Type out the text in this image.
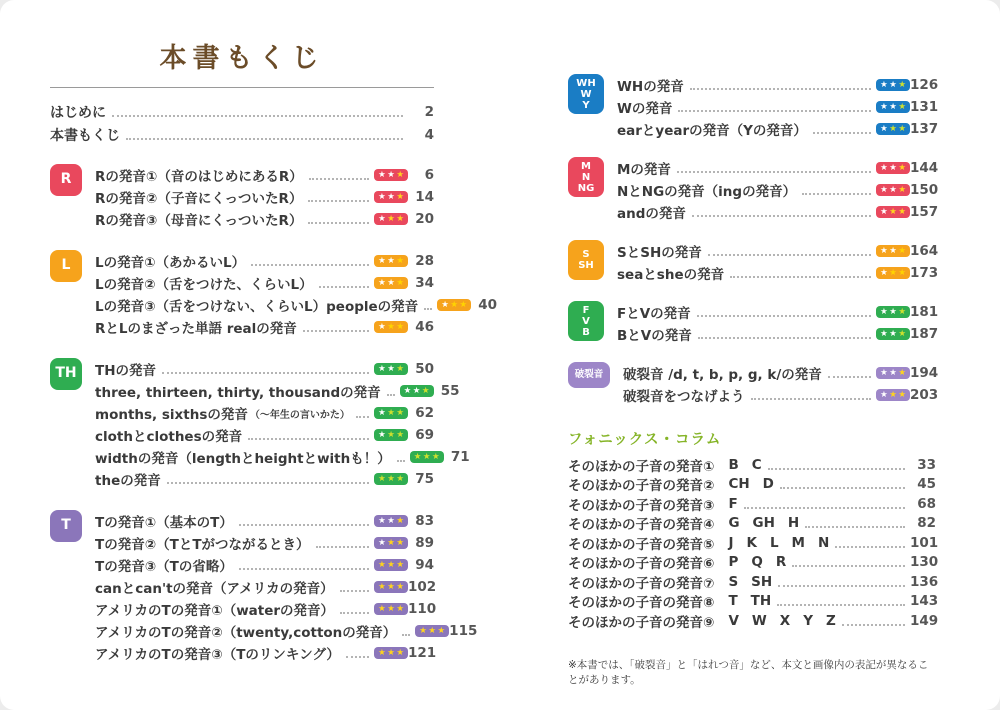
本書もくじ
はじめに	2
本書もくじ	4
R Rの発音①（音のはじめにあるR）	★ ★ ★	6
Rの発音②（子音にくっついたR）	★ ★ ★ 14
Rの発音③（母音にくっついたR）	★ ★ ★ 20
L Lの発音①（あかるいL）	★ ★ ★ 28
Lの発音②（舌をつけた、くらいL）	★ ★ ★ 34
Lの発音③（舌をつけない、くらいL）peopleの発音	★ ★ ★ 40
RとLのまざった単語 realの発音	★ ★ ★ 46
TH THの発音	★ ★ ★ 50
three, thirteen, thirty, thousandの発音	★ ★ ★ 55
months, sixthsの発音 （～年生の言いかた）	★ ★ ★ 62
clothとclothesの発音	★ ★ ★ 69
widthの発音（lengthとheightとwithも！）	★ ★ ★ 71
theの発音	★ ★ ★ 75
T Tの発音①（基本のT）	★ ★ ★ 83
Tの発音②（TとTがつながるとき）	★ ★ ★ 89
Tの発音③（Tの省略）	★ ★ ★ 94
canとcan'tの発音（アメリカの発音）	★ ★ ★ 102
アメリカのTの発音①（waterの発音）	★ ★ ★ 110
アメリカのTの発音②（twenty,cottonの発音）	★ ★ ★ 115
アメリカのTの発音③（Tのリンキング）	★ ★ ★ 121
WH
W
Y
WHの発音	★ ★ ★ 126
Wの発音	★ ★ ★ 131
earとyearの発音（Yの発音）	★ ★ ★ 137
M
N
NG
Mの発音	★ ★ ★ 144
NとNGの発音（ingの発音）	★ ★ ★ 150
andの発音	★ ★ ★ 157
S
SH
SとSHの発音	★ ★ ★ 164
seaとsheの発音	★ ★ ★ 173
F
V
B
FとVの発音	★ ★ ★ 181
BとVの発音	★ ★ ★ 187
破裂音 破裂音 /d, t, b, p, g, k/の発音	★ ★ ★ 194
破裂音をつなげよう	★ ★ ★ 203
フォニックス・コラム
そのほかの子音の発音① B C	33
そのほかの子音の発音② CH D	45
そのほかの子音の発音③ F	68
そのほかの子音の発音④ G GH H	82
そのほかの子音の発音⑤ J K L M N	101
そのほかの子音の発音⑥ P Q R	130
そのほかの子音の発音⑦ S SH	136
そのほかの子音の発音⑧ T TH	143
そのほかの子音の発音⑨ V W X Y Z	149

※本書では、「破裂音」と「はれつ音」など、本文と画像内の表記が異なることがあります。
